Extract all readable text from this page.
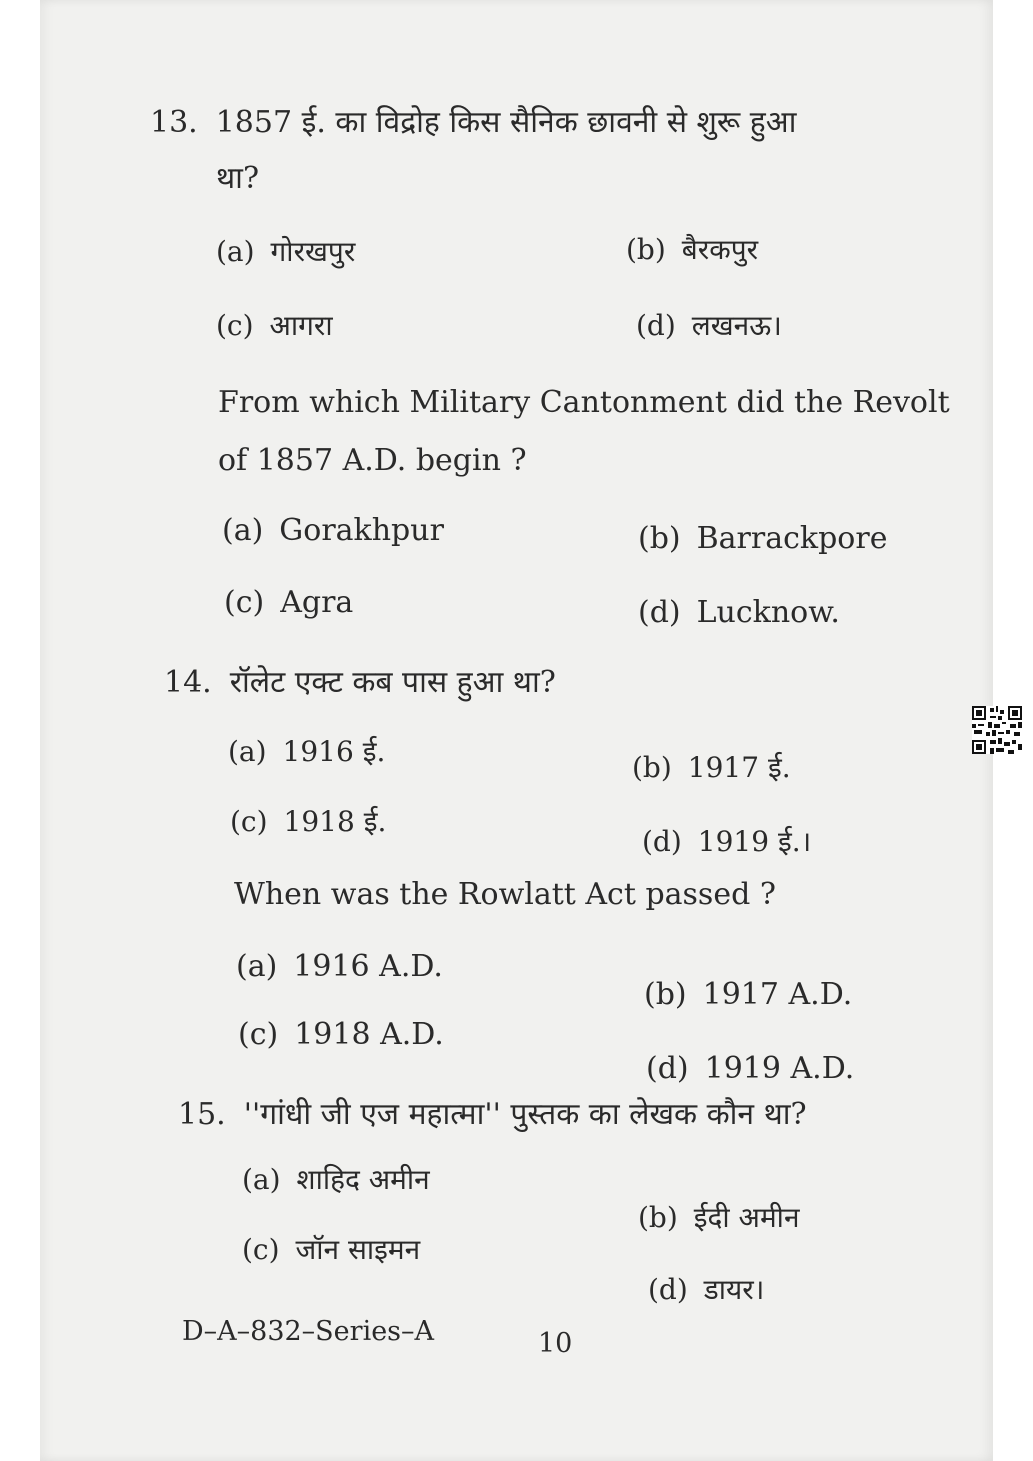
13. 1857 ई. का विद्रोह किस सैनिक छावनी से शुरू हुआ
था?
(a) गोरखपुर	(b) बैरकपुर
(c) आगरा	(d) लखनऊ।
From which Military Cantonment did the Revolt
of 1857 A.D. begin ?
(a) Gorakhpur	(b) Barrackpore
(c) Agra	(d) Lucknow.
14. रॉलेट एक्ट कब पास हुआ था?
(a) 1916 ई.	(b) 1917 ई.
(c) 1918 ई.
(d) 1919 ई.।
When was the Rowlatt Act passed ?
(a) 1916 A.D.
(b) 1917 A.D.
(c) 1918 A.D.
(d) 1919 A.D.
15. ''गांधी जी एज महात्मा'' पुस्तक का लेखक कौन था?
(a) शाहिद अमीन
(b) ईदी अमीन
(c) जॉन साइमन
(d) डायर।
D–A–832–Series–A	10
